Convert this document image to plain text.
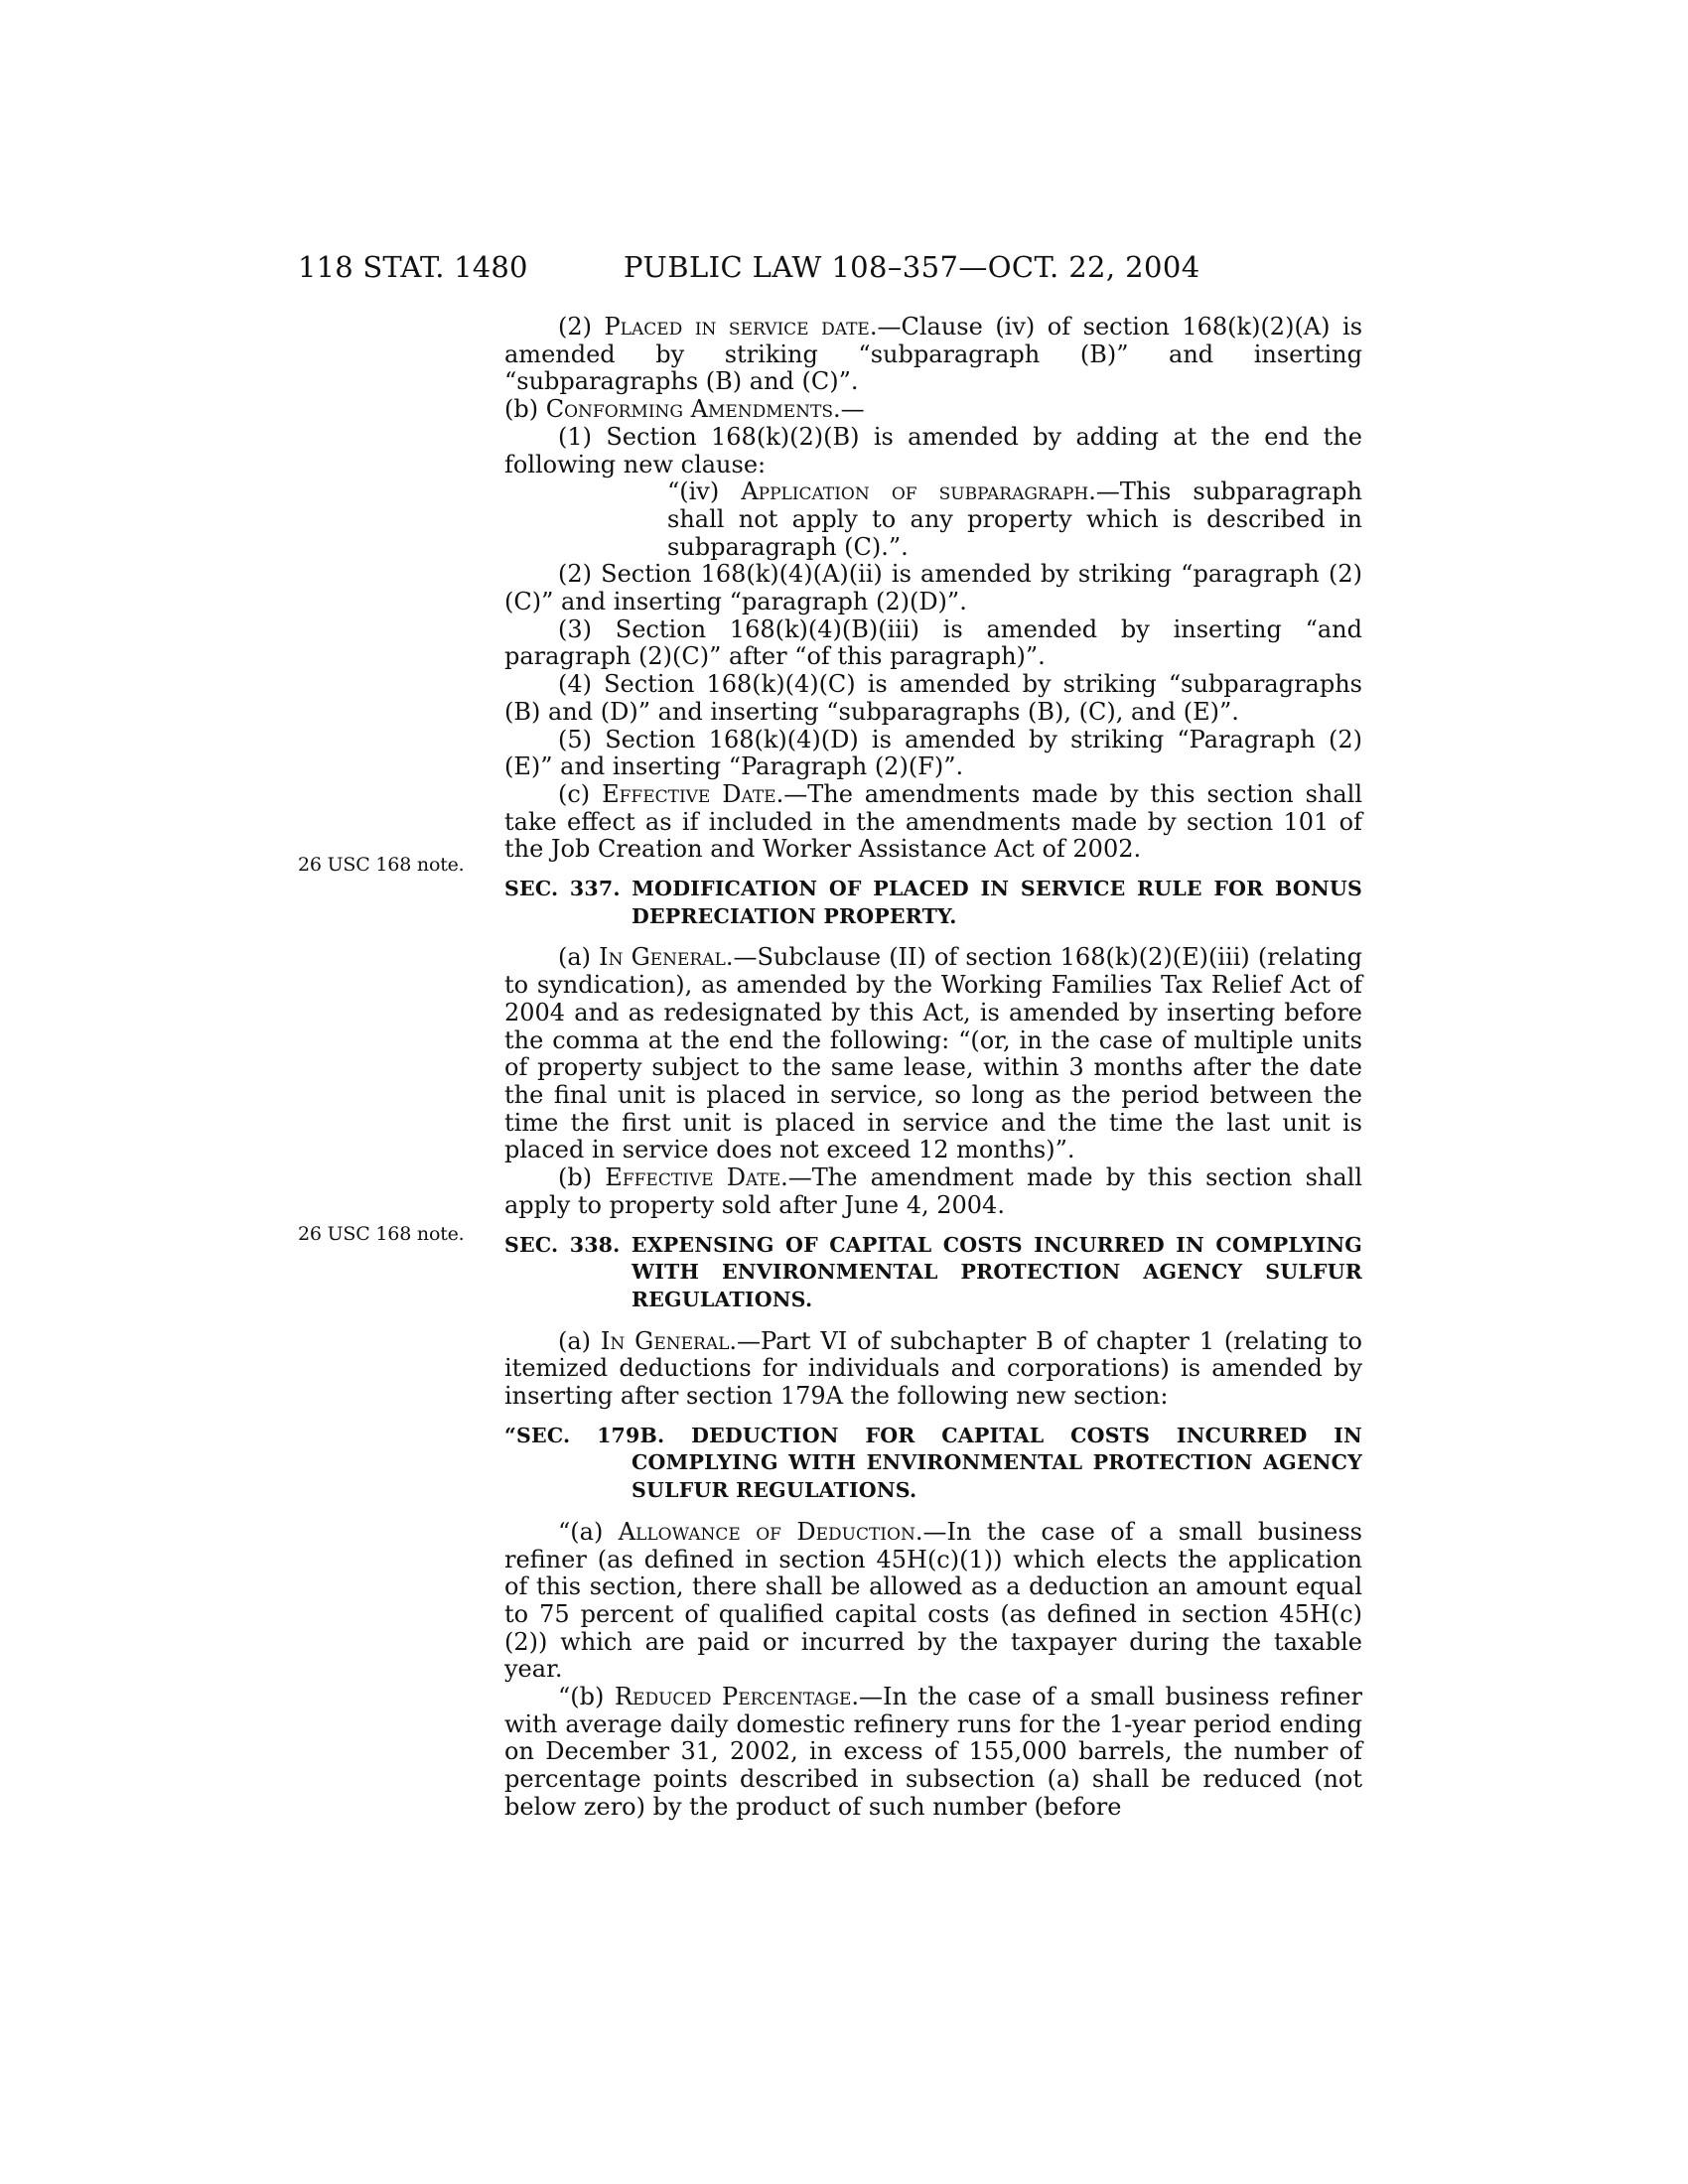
118 STAT. 1480	PUBLIC LAW 108–357—OCT. 22, 2004
26 USC 168 note.
26 USC 168 note.

(2) Placed in service date.—Clause (iv) of section 168(k)(2)(A) is amended by striking “subparagraph (B)” and inserting “subparagraphs (B) and (C)”.

(b) Conforming Amendments.—

(1) Section 168(k)(2)(B) is amended by adding at the end the following new clause:

“(iv) Application of subparagraph.—This subparagraph shall not apply to any property which is described in subparagraph (C).”.

(2) Section 168(k)(4)(A)(ii) is amended by striking “paragraph (2)(C)” and inserting “paragraph (2)(D)”.

(3) Section 168(k)(4)(B)(iii) is amended by inserting “and paragraph (2)(C)” after “of this paragraph)”.

(4) Section 168(k)(4)(C) is amended by striking “subparagraphs (B) and (D)” and inserting “subparagraphs (B), (C), and (E)”.

(5) Section 168(k)(4)(D) is amended by striking “Paragraph (2)(E)” and inserting “Paragraph (2)(F)”.

(c) Effective Date.—The amendments made by this section shall take effect as if included in the amendments made by section 101 of the Job Creation and Worker Assistance Act of 2002.

SEC. 337. MODIFICATION OF PLACED IN SERVICE RULE FOR BONUS DEPRECIATION PROPERTY.

(a) In General.—Subclause (II) of section 168(k)(2)(E)(iii) (relating to syndication), as amended by the Working Families Tax Relief Act of 2004 and as redesignated by this Act, is amended by inserting before the comma at the end the following: “(or, in the case of multiple units of property subject to the same lease, within 3 months after the date the final unit is placed in service, so long as the period between the time the first unit is placed in service and the time the last unit is placed in service does not exceed 12 months)”.

(b) Effective Date.—The amendment made by this section shall apply to property sold after June 4, 2004.

SEC. 338. EXPENSING OF CAPITAL COSTS INCURRED IN COMPLYING WITH ENVIRONMENTAL PROTECTION AGENCY SULFUR REGULATIONS.

(a) In General.—Part VI of subchapter B of chapter 1 (relating to itemized deductions for individuals and corporations) is amended by inserting after section 179A the following new section:

“SEC. 179B. DEDUCTION FOR CAPITAL COSTS INCURRED IN COMPLYING WITH ENVIRONMENTAL PROTECTION AGENCY SULFUR REGULATIONS.

“(a) Allowance of Deduction.—In the case of a small business refiner (as defined in section 45H(c)(1)) which elects the application of this section, there shall be allowed as a deduction an amount equal to 75 percent of qualified capital costs (as defined in section 45H(c)(2)) which are paid or incurred by the taxpayer during the taxable year.

“(b) Reduced Percentage.—In the case of a small business refiner with average daily domestic refinery runs for the 1-year period ending on December 31, 2002, in excess of 155,000 barrels, the number of percentage points described in subsection (a) shall be reduced (not below zero) by the product of such number (before
